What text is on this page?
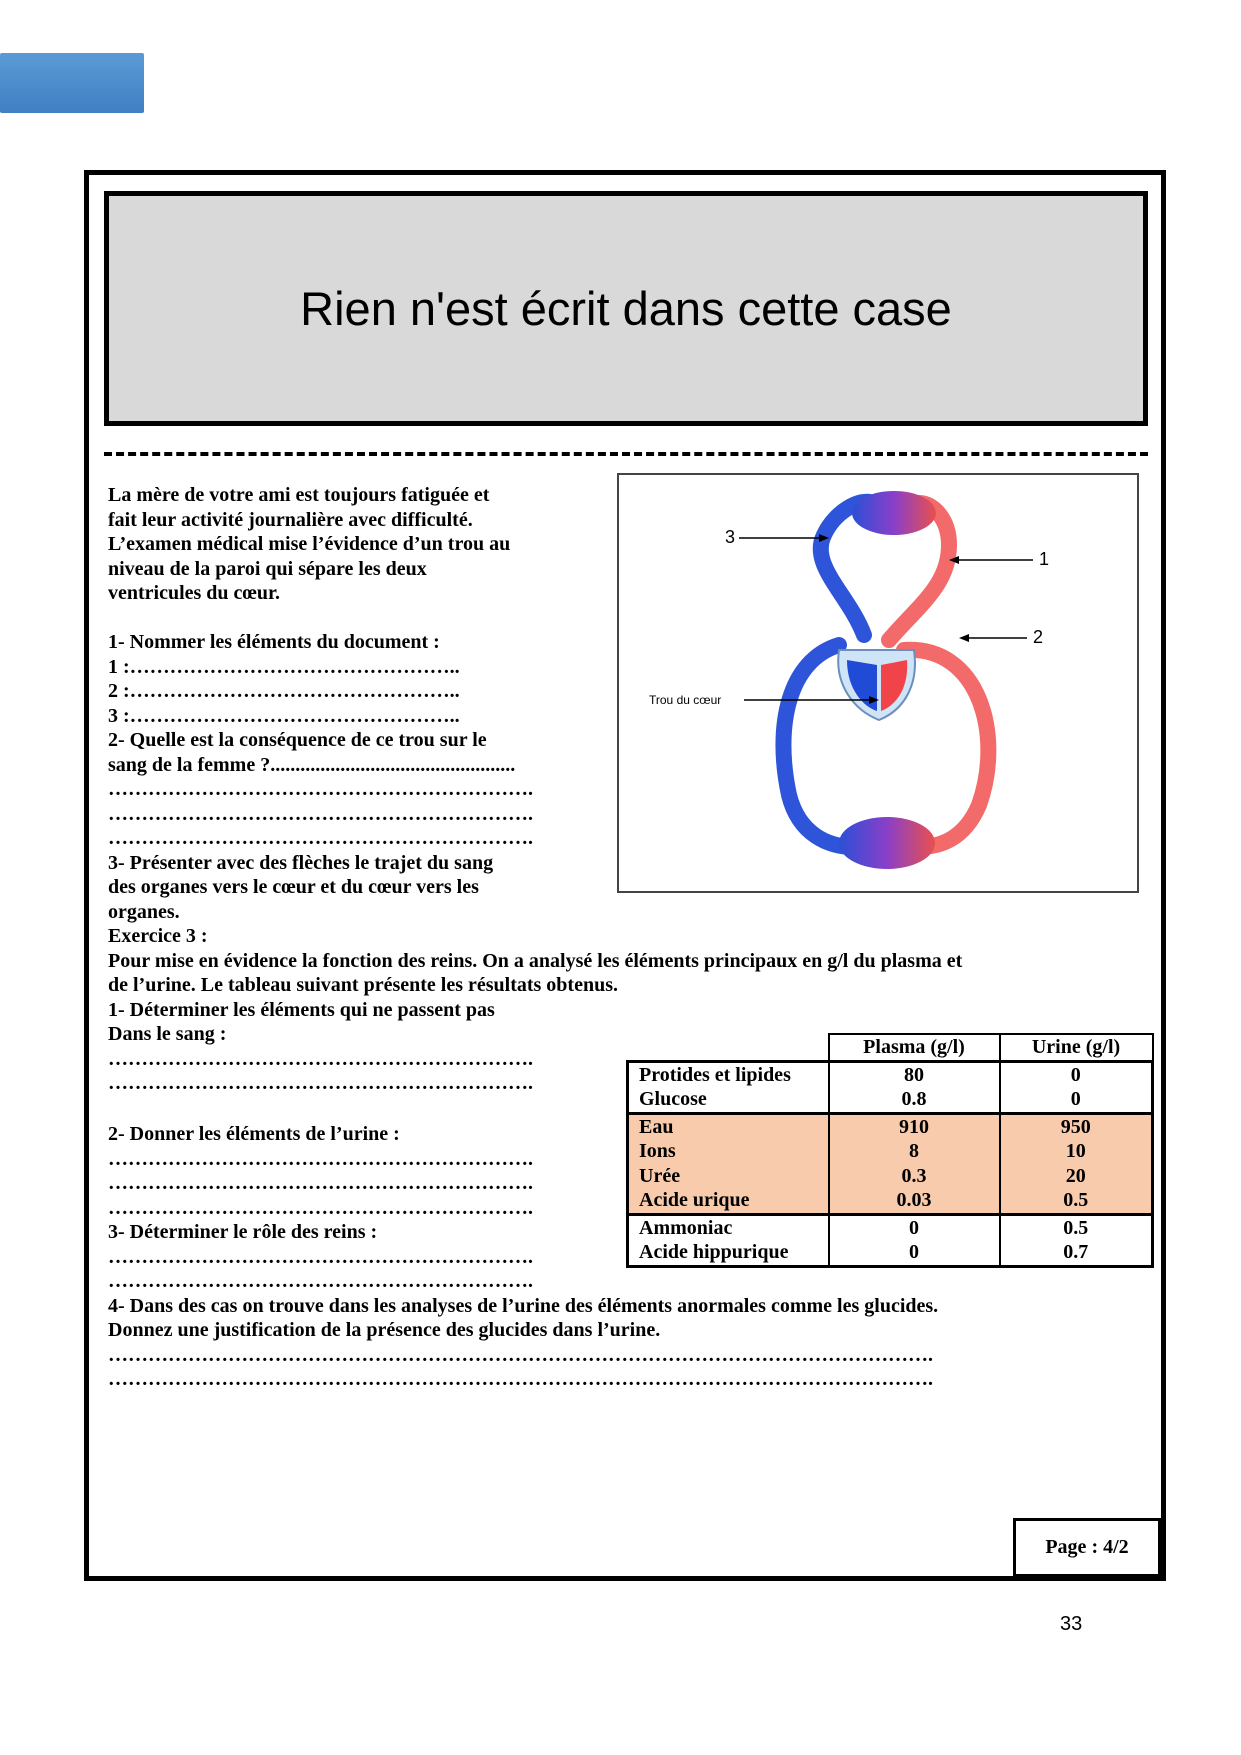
Rien n'est écrit dans cette case
La mère de votre ami est toujours fatiguée et
fait leur activité journalière avec difficulté.
L’examen médical mise l’évidence d’un trou au
niveau de la paroi qui sépare les deux
ventricules du cœur.
1- Nommer les éléments du document :
1 :…………………………………………..
2 :…………………………………………..
3 :…………………………………………..
2- Quelle est la conséquence de ce trou sur le
sang de la femme ?.................................................
……………………………………………………….
……………………………………………………….
……………………………………………………….
3- Présenter avec des flèches le trajet du sang
des organes vers le cœur et du cœur vers les
organes.
Exercice 3 :
Pour mise en évidence la fonction des reins. On a analysé les éléments principaux en g/l du plasma et
de l’urine. Le tableau suivant présente les résultats obtenus.
1- Déterminer les éléments qui ne passent pas
Dans le sang :
……………………………………………………….
……………………………………………………….
2- Donner les éléments de l’urine :
……………………………………………………….
……………………………………………………….
……………………………………………………….
3- Déterminer le rôle des reins :
……………………………………………………….
……………………………………………………….
4- Dans des cas on trouve dans les analyses de l’urine des éléments anormales comme les glucides.
Donnez une justification de la présence des glucides dans l’urine.
…………………………………………………………………………………………………………….
…………………………………………………………………………………………………………….
3
1
2
Trou du cœur
	Plasma (g/l)	Urine (g/l)
Protides et lipides	80	0
Glucose	0.8	0
Eau	910	950
Ions	8	10
Urée	0.3	20
Acide urique	0.03	0.5
Ammoniac	0	0.5
Acide hippurique	0	0.7
Page : 4/2
33
